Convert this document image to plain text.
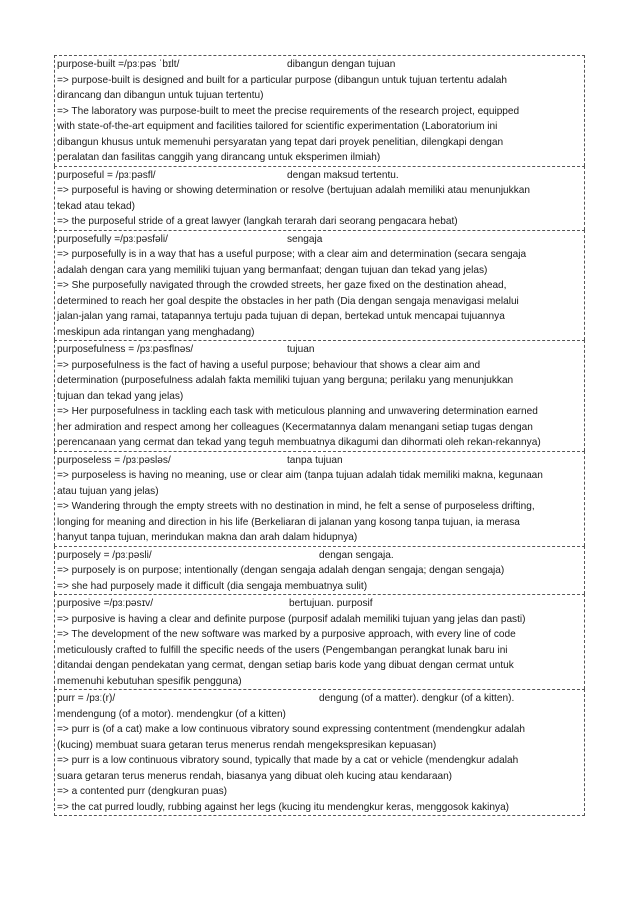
purpose-built =/pɜːpəs ˈbɪlt/	dibangun dengan tujuan
=> purpose-built is designed and built for a particular purpose (dibangun untuk tujuan tertentu adalah
dirancang dan dibangun untuk tujuan tertentu)
=> The laboratory was purpose-built to meet the precise requirements of the research project, equipped
with state-of-the-art equipment and facilities tailored for scientific experimentation (Laboratorium ini
dibangun khusus untuk memenuhi persyaratan yang tepat dari proyek penelitian, dilengkapi dengan
peralatan dan fasilitas canggih yang dirancang untuk eksperimen ilmiah)
purposeful = /pɜːpəsfl/	dengan maksud tertentu.
=> purposeful is having or showing determination or resolve (bertujuan adalah memiliki atau menunjukkan
tekad atau tekad)
=> the purposeful stride of a great lawyer (langkah terarah dari seorang pengacara hebat)
purposefully =/pɜːpəsfəli/	sengaja
=> purposefully is in a way that has a useful purpose; with a clear aim and determination (secara sengaja
adalah dengan cara yang memiliki tujuan yang bermanfaat; dengan tujuan dan tekad yang jelas)
=> She purposefully navigated through the crowded streets, her gaze fixed on the destination ahead,
determined to reach her goal despite the obstacles in her path (Dia dengan sengaja menavigasi melalui
jalan-jalan yang ramai, tatapannya tertuju pada tujuan di depan, bertekad untuk mencapai tujuannya
meskipun ada rintangan yang menghadang)
purposefulness = /pɜːpəsflnəs/	tujuan
=> purposefulness is the fact of having a useful purpose; behaviour that shows a clear aim and
determination (purposefulness adalah fakta memiliki tujuan yang berguna; perilaku yang menunjukkan
tujuan dan tekad yang jelas)
=> Her purposefulness in tackling each task with meticulous planning and unwavering determination earned
her admiration and respect among her colleagues (Kecermatannya dalam menangani setiap tugas dengan
perencanaan yang cermat dan tekad yang teguh membuatnya dikagumi dan dihormati oleh rekan-rekannya)
purposeless = /pɜːpəsləs/	tanpa tujuan
=> purposeless is having no meaning, use or clear aim (tanpa tujuan adalah tidak memiliki makna, kegunaan
atau tujuan yang jelas)
=> Wandering through the empty streets with no destination in mind, he felt a sense of purposeless drifting,
longing for meaning and direction in his life (Berkeliaran di jalanan yang kosong tanpa tujuan, ia merasa
hanyut tanpa tujuan, merindukan makna dan arah dalam hidupnya)
purposely = /pɜːpəsli/	dengan sengaja.
=> purposely is on purpose; intentionally (dengan sengaja adalah dengan sengaja; dengan sengaja)
=> she had purposely made it difficult (dia sengaja membuatnya sulit)
purposive =/pɜːpəsɪv/	bertujuan. purposif
=> purposive is having a clear and definite purpose (purposif adalah memiliki tujuan yang jelas dan pasti)
=> The development of the new software was marked by a purposive approach, with every line of code
meticulously crafted to fulfill the specific needs of the users (Pengembangan perangkat lunak baru ini
ditandai dengan pendekatan yang cermat, dengan setiap baris kode yang dibuat dengan cermat untuk
memenuhi kebutuhan spesifik pengguna)
purr = /pɜː(r)/	dengung (of a matter). dengkur (of a kitten).
mendengung (of a motor). mendengkur (of a kitten)
=> purr is (of a cat) make a low continuous vibratory sound expressing contentment (mendengkur adalah
(kucing) membuat suara getaran terus menerus rendah mengekspresikan kepuasan)
=> purr is a low continuous vibratory sound, typically that made by a cat or vehicle (mendengkur adalah
suara getaran terus menerus rendah, biasanya yang dibuat oleh kucing atau kendaraan)
=> a contented purr (dengkuran puas)
=> the cat purred loudly, rubbing against her legs (kucing itu mendengkur keras, menggosok kakinya)
